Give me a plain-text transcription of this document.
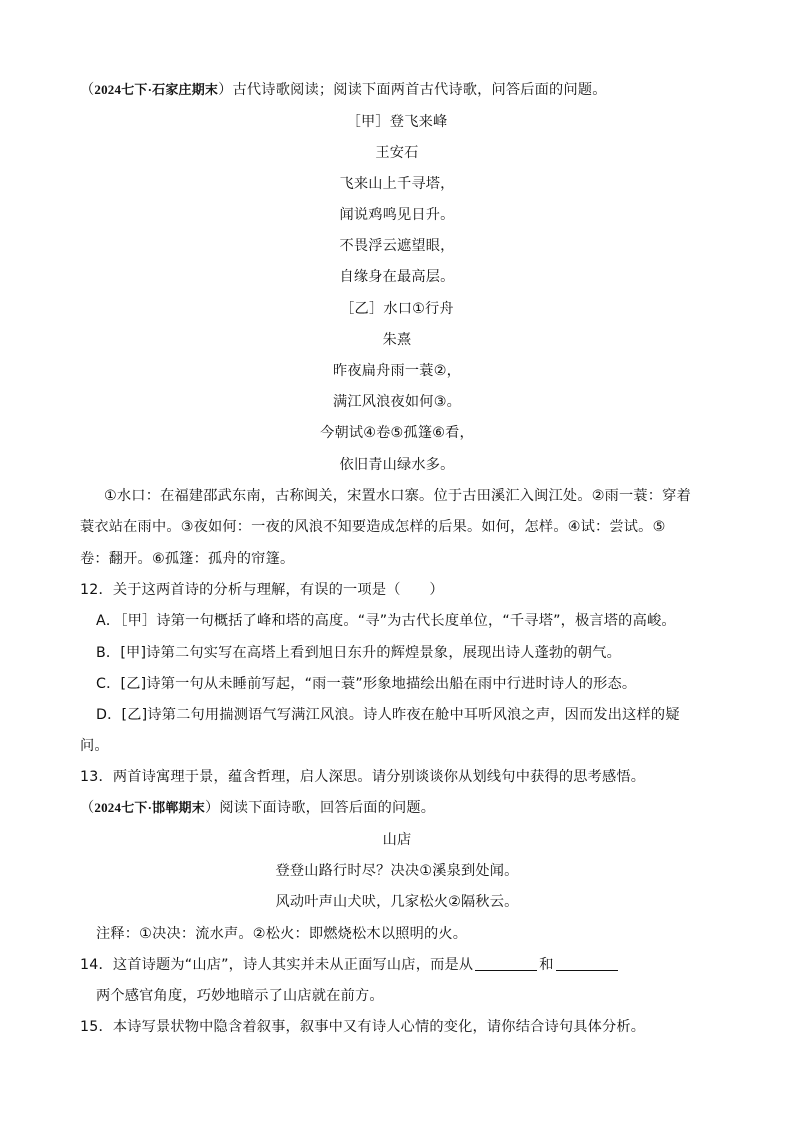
（2024七下·石家庄期末）古代诗歌阅读；阅读下面两首古代诗歌，问答后面的问题。
［甲］登飞来峰
王安石
飞来山上千寻塔，
闻说鸡鸣见日升。
不畏浮云遮望眼，
自缘身在最高层。
［乙］水口①行舟
朱熹
昨夜扁舟雨一蓑②，
满江风浪夜如何③。
今朝试④卷⑤孤篷⑥看，
依旧青山绿水多。
①水口：在福建邵武东南，古称闽关，宋置水口寨。位于古田溪汇入闽江处。②雨一蓑：穿着
蓑衣站在雨中。③夜如何：一夜的风浪不知要造成怎样的后果。如何，怎样。④试：尝试。⑤
卷：翻开。⑥孤篷：孤舟的帘篷。
12．关于这两首诗的分析与理解，有误的一项是（　　）
A．［甲］诗第一句概括了峰和塔的高度。“寻”为古代长度单位，“千寻塔”，极言塔的高峻。
B．[甲]诗第二句实写在高塔上看到旭日东升的辉煌景象，展现出诗人蓬勃的朝气。
C．[乙]诗第一句从未睡前写起，“雨一蓑”形象地描绘出船在雨中行进时诗人的形态。
D．[乙]诗第二句用揣测语气写满江风浪。诗人昨夜在舱中耳听风浪之声，因而发出这样的疑
问。
13．两首诗寓理于景，蕴含哲理，启人深思。请分别谈谈你从划线句中获得的思考感悟。
（2024七下·邯郸期末）阅读下面诗歌，回答后面的问题。
山店
登登山路行时尽？决决①溪泉到处闻。
风动叶声山犬吠，几家松火②隔秋云。
注释：①决决：流水声。②松火：即燃烧松木以照明的火。
14．这首诗题为“山店”，诗人其实并未从正面写山店，而是从	和
两个感官角度，巧妙地暗示了山店就在前方。
15．本诗写景状物中隐含着叙事，叙事中又有诗人心情的变化，请你结合诗句具体分析。
